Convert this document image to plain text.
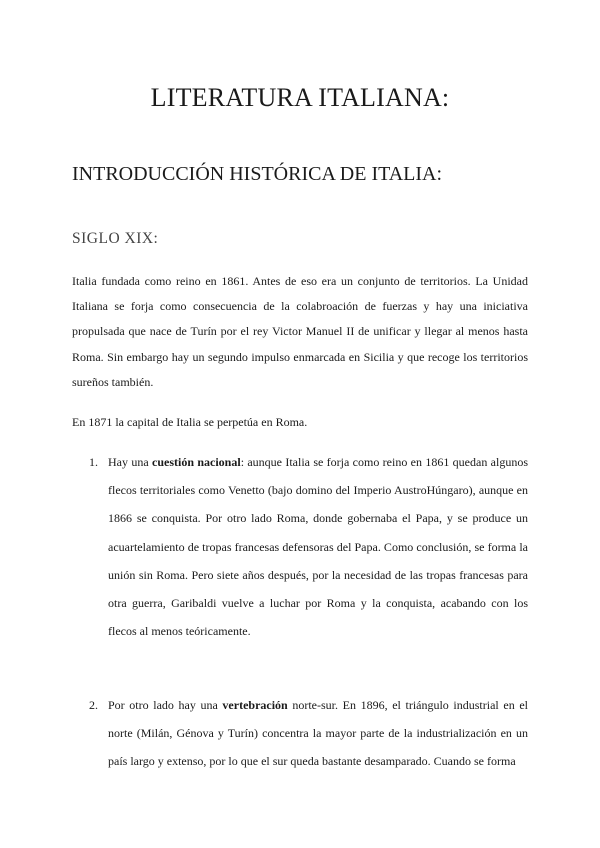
LITERATURA ITALIANA:
INTRODUCCIÓN HISTÓRICA DE ITALIA:
SIGLO XIX:

Italia fundada como reino en 1861. Antes de eso era un conjunto de territorios. La Unidad Italiana se forja como consecuencia de la colabroación de fuerzas y hay una iniciativa propulsada que nace de Turín por el rey Victor Manuel II de unificar y llegar al menos hasta Roma. Sin embargo hay un segundo impulso enmarcada en Sicilia y que recoge los territorios sureños también.

En 1871 la capital de Italia se perpetúa en Roma.

1. Hay una cuestión nacional: aunque Italia se forja como reino en 1861 quedan algunos flecos territoriales como Venetto (bajo domino del Imperio AustroHúngaro), aunque en 1866 se conquista. Por otro lado Roma, donde gobernaba el Papa, y se produce un acuartelamiento de tropas francesas defensoras del Papa. Como conclusión, se forma la unión sin Roma. Pero siete años después, por la necesidad de las tropas francesas para otra guerra, Garibaldi vuelve a luchar por Roma y la conquista, acabando con los flecos al menos teóricamente.

2. Por otro lado hay una vertebración norte-sur. En 1896, el triángulo industrial en el norte (Milán, Génova y Turín) concentra la mayor parte de la industrialización en un país largo y extenso, por lo que el sur queda bastante desamparado. Cuando se forma
